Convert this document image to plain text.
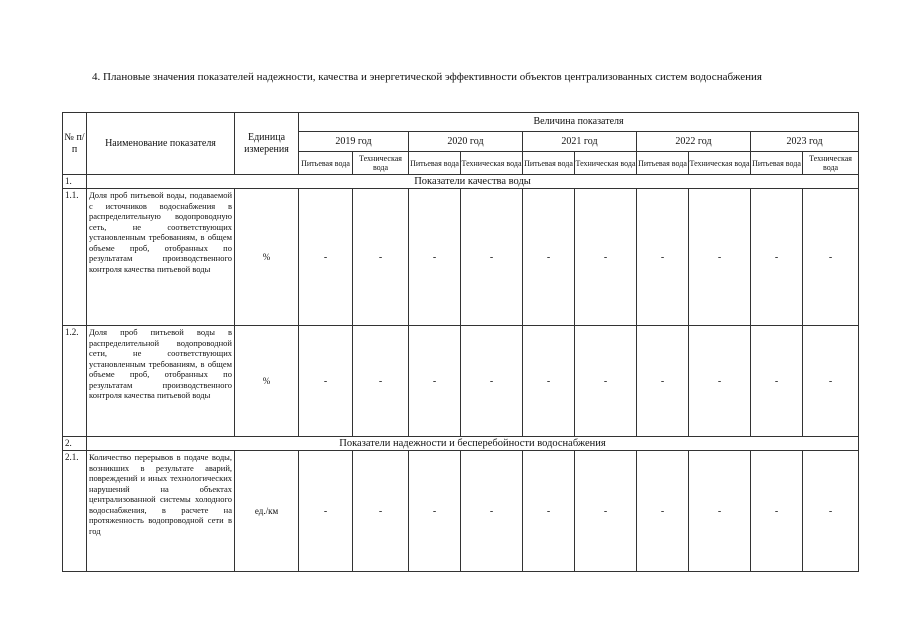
4. Плановые значения показателей надежности, качества и энергетической эффективности объектов централизованных систем водоснабжения
№ п/п	Наименование показателя	Единица измерения	Величина показателя									
			2019 год		2020 год		2021 год		2022 год		2023 год	
			Питьевая вода	Техническая вода	Питьевая вода	Техническая вода	Питьевая вода	Техническая вода	Питьевая вода	Техническая вода	Питьевая вода	Техническая вода
1.	Показатели качества воды											
1.1.	Доля проб питьевой воды, подаваемой с источников водоснабжения в распределительную водопроводную сеть, не соответствующих установленным требованиям, в общем объеме проб, отобранных по результатам производственного контроля качества питьевой воды	%	-	-	-	-	-	-	-	-	-	-
1.2.	Доля проб питьевой воды в распределительной водопроводной сети, не соответствующих установленным требованиям, в общем объеме проб, отобранных по результатам производственного контроля качества питьевой воды	%	-	-	-	-	-	-	-	-	-	-
2.	Показатели надежности и бесперебойности водоснабжения											
2.1.	Количество перерывов в подаче воды, возникших в результате аварий, повреждений и иных технологических нарушений на объектах централизованной системы холодного водоснабжения, в расчете на протяженность водопроводной сети в год	ед./км	-	-	-	-	-	-	-	-	-	-
